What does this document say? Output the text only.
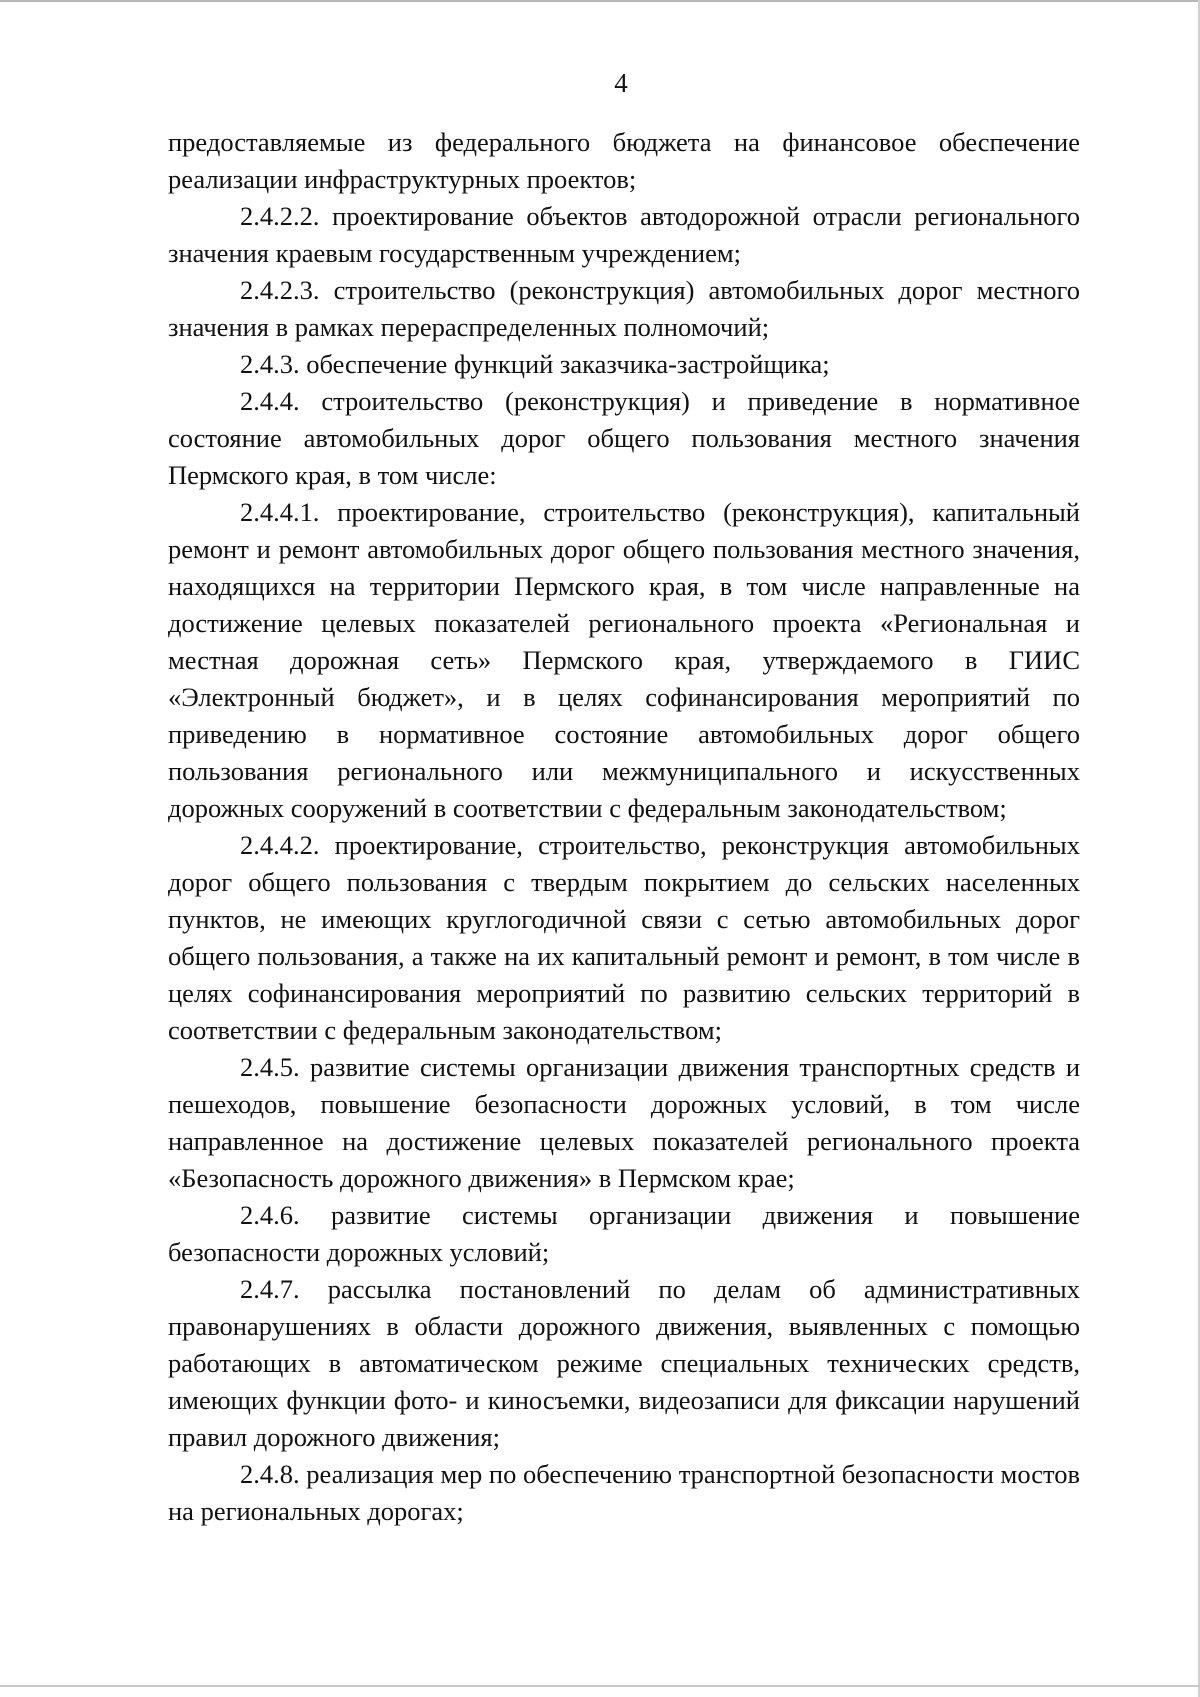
4

предоставляемые из федерального бюджета на финансовое обеспечение реализации инфраструктурных проектов;

2.4.2.2. проектирование объектов автодорожной отрасли регионального значения краевым государственным учреждением;

2.4.2.3. строительство (реконструкция) автомобильных дорог местного значения в рамках перераспределенных полномочий;

2.4.3. обеспечение функций заказчика-застройщика;

2.4.4. строительство (реконструкция) и приведение в нормативное состояние автомобильных дорог общего пользования местного значения Пермского края, в том числе:

2.4.4.1. проектирование, строительство (реконструкция), капитальный ремонт и ремонт автомобильных дорог общего пользования местного значения, находящихся на территории Пермского края, в том числе направленные на достижение целевых показателей регионального проекта «Региональная и местная дорожная сеть» Пермского края, утверждаемого в ГИИС «Электронный бюджет», и в целях софинансирования мероприятий по приведению в нормативное состояние автомобильных дорог общего пользования регионального или межмуниципального и искусственных дорожных сооружений в соответствии с федеральным законодательством;

2.4.4.2. проектирование, строительство, реконструкция автомобильных дорог общего пользования с твердым покрытием до сельских населенных пунктов, не имеющих круглогодичной связи с сетью автомобильных дорог общего пользования, а также на их капитальный ремонт и ремонт, в том числе в целях софинансирования мероприятий по развитию сельских территорий в соответствии с федеральным законодательством;

2.4.5. развитие системы организации движения транспортных средств и пешеходов, повышение безопасности дорожных условий, в том числе направленное на достижение целевых показателей регионального проекта «Безопасность дорожного движения» в Пермском крае;

2.4.6. развитие системы организации движения и повышение безопасности дорожных условий;

2.4.7. рассылка постановлений по делам об административных правонарушениях в области дорожного движения, выявленных с помощью работающих в автоматическом режиме специальных технических средств, имеющих функции фото- и киносъемки, видеозаписи для фиксации нарушений правил дорожного движения;

2.4.8. реализация мер по обеспечению транспортной безопасности мостов на региональных дорогах;
